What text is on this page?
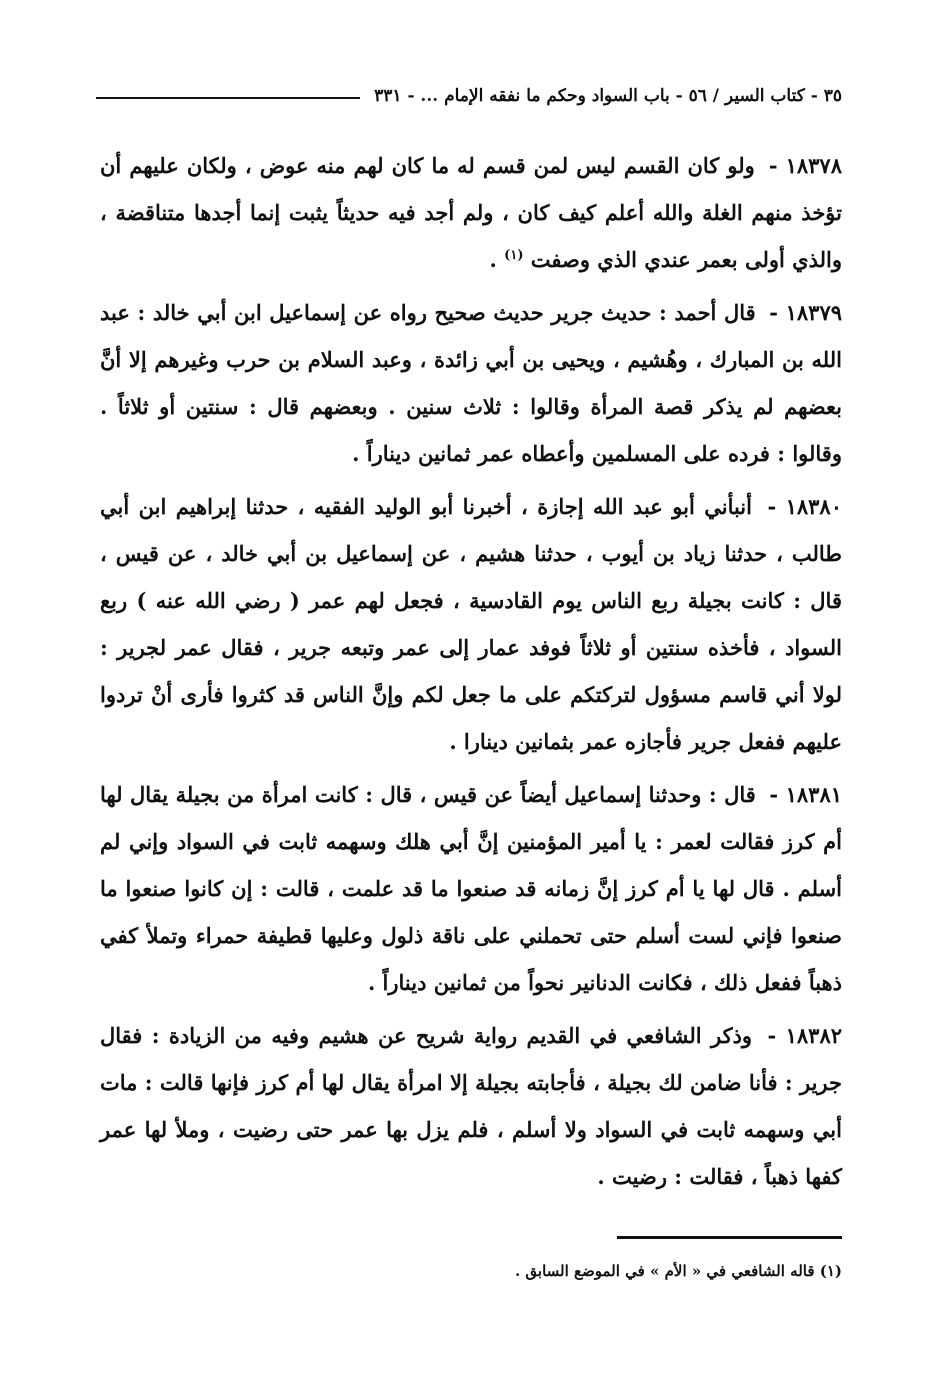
٣٥ - كتاب السير / ٥٦ - باب السواد وحكم ما نفقه الإمام ... - ٣٣١

١٨٣٧٨ - ولو كان القسم ليس لمن قسم له ما كان لهم منه عوض ، ولكان عليهم أن تؤخذ منهم الغلة والله أعلم كيف كان ، ولم أجد فيه حديثاً يثبت إنما أجدها متناقضة ، والذي أولى بعمر عندي الذي وصفت $^{(١)}$ .

١٨٣٧٩ - قال أحمد : حديث جرير حديث صحيح رواه عن إسماعيل ابن أبي خالد : عبد الله بن المبارك ، وهُشيم ، ويحيى بن أبي زائدة ، وعبد السلام بن حرب وغيرهم إلا أنَّ بعضهم لم يذكر قصة المرأة وقالوا : ثلاث سنين . وبعضهم قال : سنتين أو ثلاثاً . وقالوا : فرده على المسلمين وأعطاه عمر ثمانين ديناراً .

١٨٣٨٠ - أنبأني أبو عبد الله إجازة ، أخبرنا أبو الوليد الفقيه ، حدثنا إبراهيم ابن أبي طالب ، حدثنا زياد بن أيوب ، حدثنا هشيم ، عن إسماعيل بن أبي خالد ، عن قيس ، قال : كانت بجيلة ربع الناس يوم القادسية ، فجعل لهم عمر ( رضي الله عنه ) ربع السواد ، فأخذه سنتين أو ثلاثاً فوفد عمار إلى عمر وتبعه جرير ، فقال عمر لجرير : لولا أني قاسم مسؤول لتركتكم على ما جعل لكم وإنَّ الناس قد كثروا فأرى أنْ تردوا عليهم ففعل جرير فأجازه عمر بثمانين دينارا .

١٨٣٨١ - قال : وحدثنا إسماعيل أيضاً عن قيس ، قال : كانت امرأة من بجيلة يقال لها أم كرز فقالت لعمر : يا أمير المؤمنين إنَّ أبي هلك وسهمه ثابت في السواد وإني لم أسلم . قال لها يا أم كرز إنَّ زمانه قد صنعوا ما قد علمت ، قالت : إن كانوا صنعوا ما صنعوا فإني لست أسلم حتى تحملني على ناقة ذلول وعليها قطيفة حمراء وتملأ كفي ذهباً ففعل ذلك ، فكانت الدنانير نحواً من ثمانين ديناراً .

١٨٣٨٢ - وذكر الشافعي في القديم رواية شريح عن هشيم وفيه من الزيادة : فقال جرير : فأنا ضامن لك بجيلة ، فأجابته بجيلة إلا امرأة يقال لها أم كرز فإنها قالت : مات أبي وسهمه ثابت في السواد ولا أسلم ، فلم يزل بها عمر حتى رضيت ، وملأ لها عمر كفها ذهباً ، فقالت : رضيت .

(١) قاله الشافعي في « الأم » في الموضع السابق .
